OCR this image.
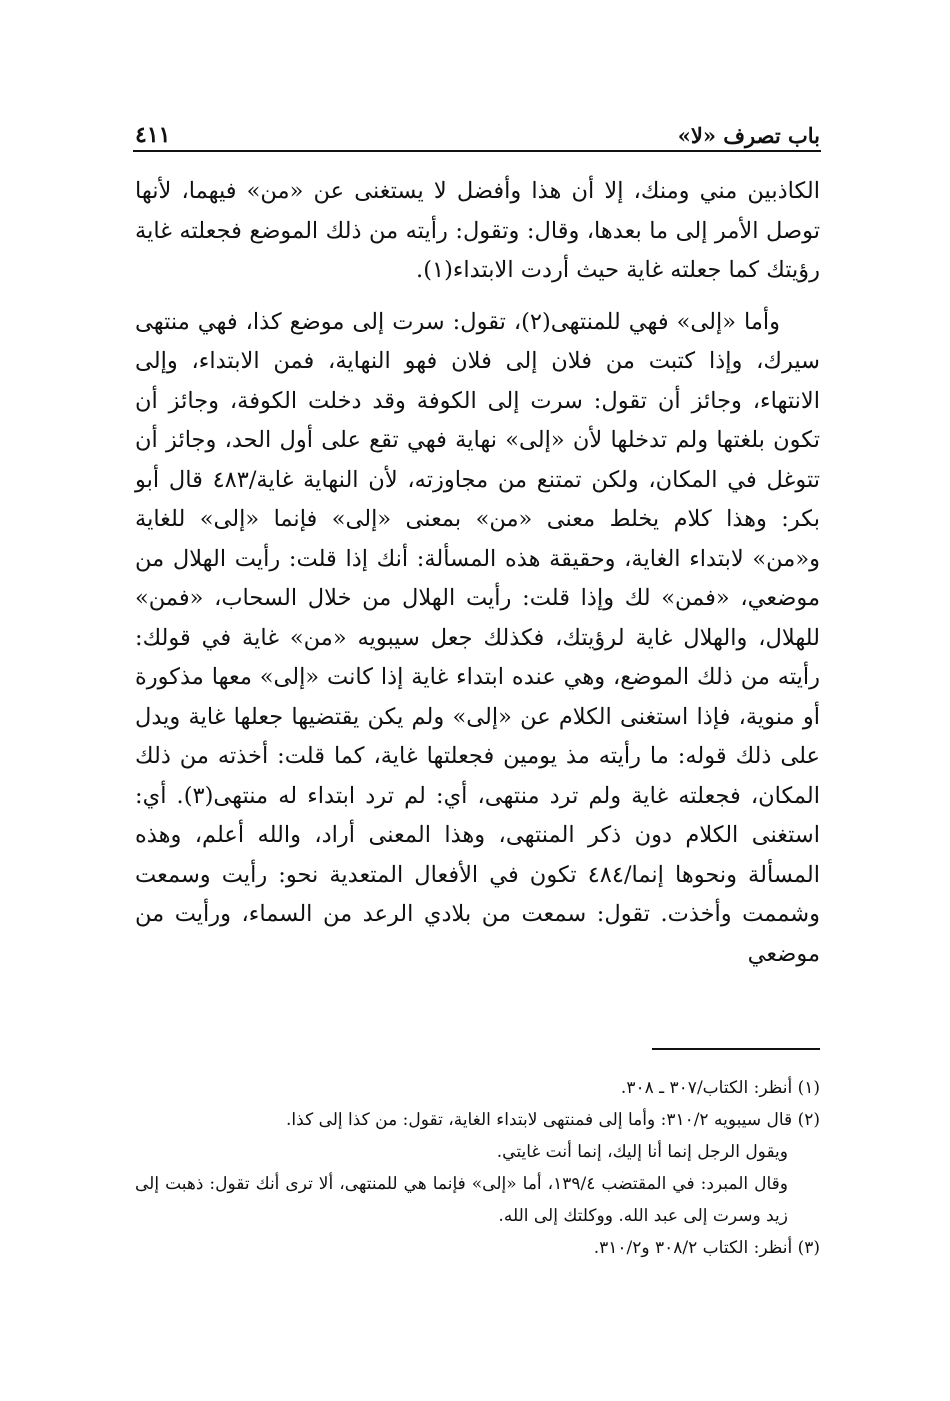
باب تصرف «لا»
٤١١

الكاذبين مني ومنك، إلا أن هذا وأفضل لا يستغنى عن «من» فيهما، لأنها توصل الأمر إلى ما بعدها، وقال: وتقول: رأيته من ذلك الموضع فجعلته غاية رؤيتك كما جعلته غاية حيث أردت الابتداء(١).

وأما «إلى» فهي للمنتهى(٢)، تقول: سرت إلى موضع كذا، فهي منتهى سيرك، وإذا كتبت من فلان إلى فلان فهو النهاية، فمن الابتداء، وإلى الانتهاء، وجائز أن تقول: سرت إلى الكوفة وقد دخلت الكوفة، وجائز أن تكون بلغتها ولم تدخلها لأن «إلى» نهاية فهي تقع على أول الحد، وجائز أن تتوغل في المكان، ولكن تمتنع من مجاوزته، لأن النهاية غاية/٤٨٣ قال أبو بكر: وهذا كلام يخلط معنى «من» بمعنى «إلى» فإنما «إلى» للغاية و«من» لابتداء الغاية، وحقيقة هذه المسألة: أنك إذا قلت: رأيت الهلال من موضعي، «فمن» لك وإذا قلت: رأيت الهلال من خلال السحاب، «فمن» للهلال، والهلال غاية لرؤيتك، فكذلك جعل سيبويه «من» غاية في قولك: رأيته من ذلك الموضع، وهي عنده ابتداء غاية إذا كانت «إلى» معها مذكورة أو منوية، فإذا استغنى الكلام عن «إلى» ولم يكن يقتضيها جعلها غاية ويدل على ذلك قوله: ما رأيته مذ يومين فجعلتها غاية، كما قلت: أخذته من ذلك المكان، فجعلته غاية ولم ترد منتهى، أي: لم ترد ابتداء له منتهى(٣). أي: استغنى الكلام دون ذكر المنتهى، وهذا المعنى أراد، والله أعلم، وهذه المسألة ونحوها إنما/٤٨٤ تكون في الأفعال المتعدية نحو: رأيت وسمعت وشممت وأخذت. تقول: سمعت من بلادي الرعد من السماء، ورأيت من موضعي

(١) أنظر: الكتاب/٣٠٧ ـ ٣٠٨.

(٢) قال سيبويه ٣١٠/٢: وأما إلى فمنتهى لابتداء الغاية، تقول: من كذا إلى كذا.

ويقول الرجل إنما أنا إليك، إنما أنت غايتي.

وقال المبرد: في المقتضب ١٣٩/٤، أما «إلى» فإنما هي للمنتهى، ألا ترى أنك تقول: ذهبت إلى زيد وسرت إلى عبد الله. ووكلتك إلى الله.

(٣) أنظر: الكتاب ٣٠٨/٢ و٣١٠/٢.
